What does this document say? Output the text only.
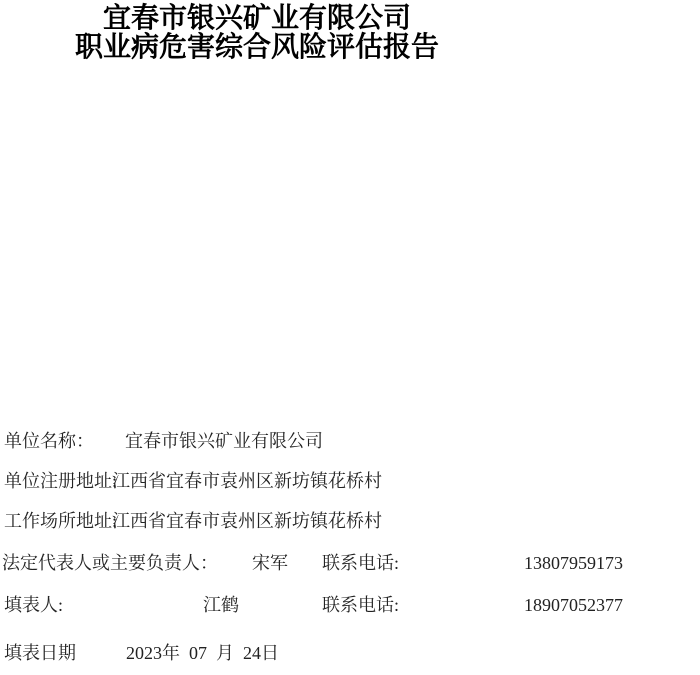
宜春市银兴矿业有限公司
职业病危害综合风险评估报告
单位名称： 宜春市银兴矿业有限公司
单位注册地址:
江西省宜春市袁州区新坊镇花桥村
工作场所地址:
江西省宜春市袁州区新坊镇花桥村
法定代表人或主要负责人： 宋军 联系电话:	13807959173
填表人:	江鹤	联系电话:	18907052377
填表日期	2023年  07  月  24日
